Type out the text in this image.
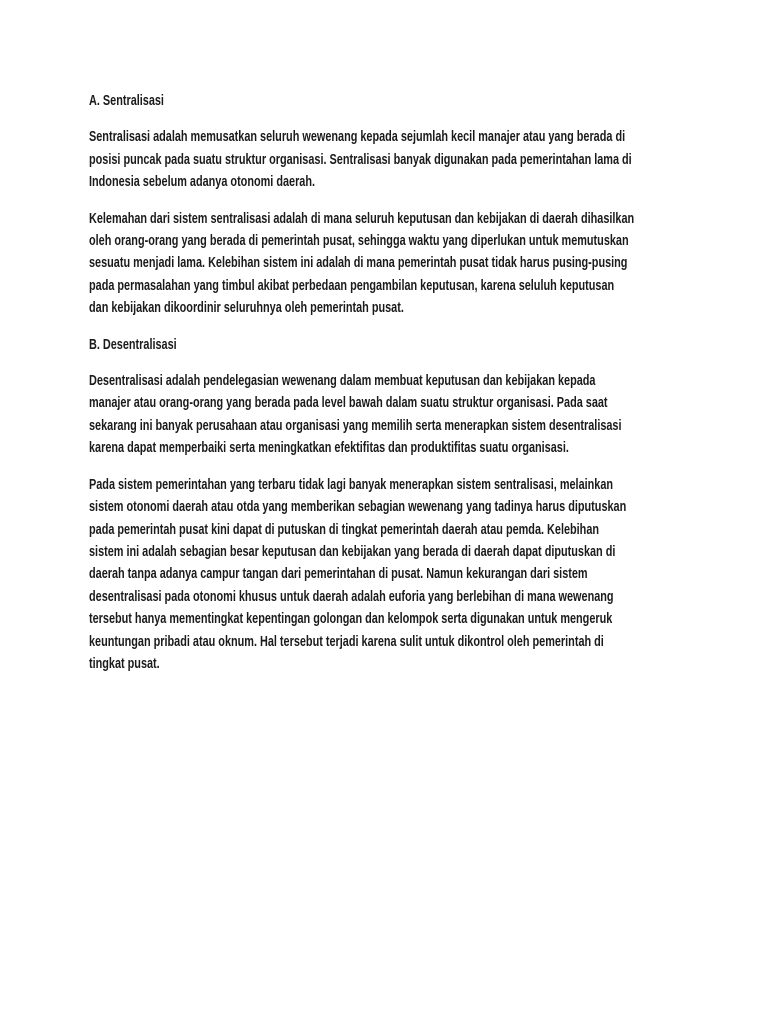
A. Sentralisasi
Sentralisasi adalah memusatkan seluruh wewenang kepada sejumlah kecil manajer atau yang berada di
posisi puncak pada suatu struktur organisasi. Sentralisasi banyak digunakan pada pemerintahan lama di
Indonesia sebelum adanya otonomi daerah.
Kelemahan dari sistem sentralisasi adalah di mana seluruh keputusan dan kebijakan di daerah dihasilkan
oleh orang-orang yang berada di pemerintah pusat, sehingga waktu yang diperlukan untuk memutuskan
sesuatu menjadi lama. Kelebihan sistem ini adalah di mana pemerintah pusat tidak harus pusing-pusing
pada permasalahan yang timbul akibat perbedaan pengambilan keputusan, karena seluluh keputusan
dan kebijakan dikoordinir seluruhnya oleh pemerintah pusat.
B. Desentralisasi
Desentralisasi adalah pendelegasian wewenang dalam membuat keputusan dan kebijakan kepada
manajer atau orang-orang yang berada pada level bawah dalam suatu struktur organisasi. Pada saat
sekarang ini banyak perusahaan atau organisasi yang memilih serta menerapkan sistem desentralisasi
karena dapat memperbaiki serta meningkatkan efektifitas dan produktifitas suatu organisasi.
Pada sistem pemerintahan yang terbaru tidak lagi banyak menerapkan sistem sentralisasi, melainkan
sistem otonomi daerah atau otda yang memberikan sebagian wewenang yang tadinya harus diputuskan
pada pemerintah pusat kini dapat di putuskan di tingkat pemerintah daerah atau pemda. Kelebihan
sistem ini adalah sebagian besar keputusan dan kebijakan yang berada di daerah dapat diputuskan di
daerah tanpa adanya campur tangan dari pemerintahan di pusat. Namun kekurangan dari sistem
desentralisasi pada otonomi khusus untuk daerah adalah euforia yang berlebihan di mana wewenang
tersebut hanya mementingkat kepentingan golongan dan kelompok serta digunakan untuk mengeruk
keuntungan pribadi atau oknum. Hal tersebut terjadi karena sulit untuk dikontrol oleh pemerintah di
tingkat pusat.
